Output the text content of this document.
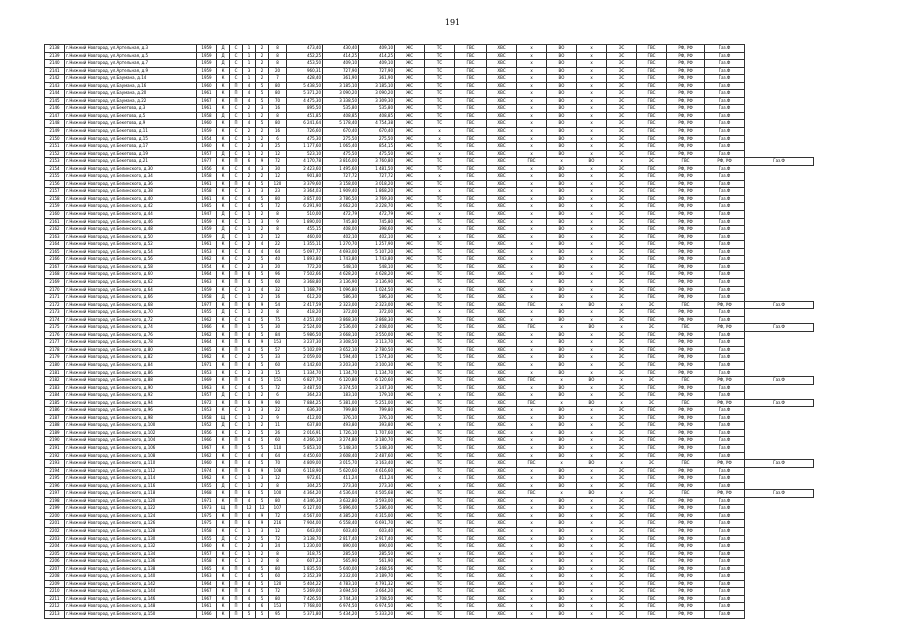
191
2138	г.Нижний Новгород, ул.Артельная, д.3	1959	Д	С	1	2	8	473,40	430,40	409,10	ЖС	ТС	ГВС	ХВС	х	ВО	х	ЭС	ГВС	РФ, УФ	Газ.Ф	
2139	г.Нижний Новгород, ул.Артельная, д.5	1959	Д	С	1	2	8	452,25	414,25	414,25	ЖС	ТС	ГВС	ХВС	х	ВО	х	ЭС	ГВС	РФ, УФ	Газ.Ф	
2140	г.Нижний Новгород, ул.Артельная, д.7	1959	Д	С	1	2	8	453,50	409,10	409,10	ЖС	ТС	ГВС	ХВС	х	ВО	х	ЭС	ГВС	РФ, УФ	Газ.Ф	
2141	г.Нижний Новгород, ул.Артельная, д.9	1959	К	С	3	2	20	960,31	727,90	727,90	ЖС	ТС	ГВС	ХВС	х	ВО	х	ЭС	ГВС	РФ, УФ	Газ.Ф	
2142	г.Нижний Новгород, ул.Баумана, д.14	1959	К	С	1	2	7	428,40	361,90	361,90	ЖС	ТС	ГВС	ХВС	х	ВО	х	ЭС	ГВС	РФ, УФ	Газ.Ф	
2143	г.Нижний Новгород, ул.Баумана, д.16	1960	К	П	4	5	80	5 438,50	3 185,10	3 185,10	ЖС	ТС	ГВС	ХВС	х	ВО	х	ЭС	ГВС	РФ, УФ	Газ.Ф	
2144	г.Нижний Новгород, ул.Баумана, д.20	1961	К	П	4	5	80	5 371,20	3 090,20	3 090,20	ЖС	ТС	ГВС	ХВС	х	ВО	х	ЭС	ГВС	РФ, УФ	Газ.Ф	
2145	г.Нижний Новгород, ул.Баумана, д.22	1967	К	П	4	5	70	4 475,30	3 338,50	3 309,30	ЖС	ТС	ГВС	ХВС	х	ВО	х	ЭС	ГВС	РФ, УФ	Газ.Ф	
2146	г.Нижний Новгород, ул.Бекетова, д.3	1961	К	С	2	3	16	895,50	535,80	535,80	ЖС	ТС	ГВС	ХВС	х	ВО	х	ЭС	ГВС	РФ, УФ	Газ.Ф	
2147	г.Нижний Новгород, ул.Бекетова, д.5	1958	Д	С	1	2	8	451,85	408,85	408,85	ЖС	ТС	ГВС	ХВС	х	ВО	х	ЭС	ГВС	РФ, УФ	Газ.Ф	
2148	г.Нижний Новгород, ул.Бекетова, д.9	1960	К	П	4	5	80	6 241,64	5 178,40	4 754,38	ЖС	ТС	ГВС	ХВС	х	ВО	х	ЭС	ГВС	РФ, УФ	Газ.Ф	
2149	г.Нижний Новгород, ул.Бекетова, д.11	1959	К	С	2	2	16	726,60	670,40	670,40	ЖС	х	ГВС	ХВС	х	ВО	х	ЭС	ГВС	РФ, УФ	Газ.Ф	
2150	г.Нижний Новгород, ул.Бекетова, д.15	1954	К	С	1	2	6	475,30	275,50	275,50	ЖС	х	ГВС	ХВС	х	ВО	х	ЭС	ГВС	РФ, УФ	Газ.Ф	
2151	г.Нижний Новгород, ул.Бекетова, д.17	1960	К	С	2	3	25	1 177,60	1 065,40	854,15	ЖС	ТС	ГВС	ХВС	х	ВО	х	ЭС	ГВС	РФ, УФ	Газ.Ф	
2152	г.Нижний Новгород, ул.Бекетова, д.19	1957	Д	С	1	2	12	523,10	475,50	475,50	ЖС	х	ГВС	ХВС	х	ВО	х	ЭС	ГВС	РФ, УФ	Газ.Ф	
2153	г.Нижний Новгород, ул.Бекетова, д.21	1977	К	П	6	9	72	4 170,78	3 816,00	3 760,80	ЖС	ТС	ГВС	ХВС	ГВС	х	ВО	х	ЭС	ГВС	РФ, УФ	Газ.Ф
2154	г.Нижний Новгород, ул.Белинского, д.30	1956	К	С	4	3	30	2 423,60	1 495,60	1 481,50	ЖС	ТС	ГВС	ХВС	х	ВО	х	ЭС	ГВС	РФ, УФ	Газ.Ф	
2155	г.Нижний Новгород, ул.Белинского, д.34	1958	К	С	2	2	12	901,80	727,72	727,72	ЖС	х	ГВС	ХВС	х	ВО	х	ЭС	ГВС	РФ, УФ	Газ.Ф	
2156	г.Нижний Новгород, ул.Белинского, д.36	1961	К	П	4	5	120	3 379,60	3 158,00	3 018,20	ЖС	ТС	ГВС	ХВС	х	ВО	х	ЭС	ГВС	РФ, УФ	Газ.Ф	
2157	г.Нижний Новгород, ул.Белинского, д.38	1958	К	С	3	3	23	3 364,03	1 909,40	1 868,20	ЖС	х	ГВС	ХВС	х	ВО	х	ЭС	ГВС	РФ, УФ	Газ.Ф	
2158	г.Нижний Новгород, ул.Белинского, д.40	1961	К	С	4	5	80	3 857,00	3 786,50	3 769,30	ЖС	ТС	ГВС	ХВС	х	ВО	х	ЭС	ГВС	РФ, УФ	Газ.Ф	
2159	г.Нижний Новгород, ул.Белинского, д.42	1965	К	С	4	5	72	6 291,90	3 662,20	3 228,70	ЖС	ТС	ГВС	ХВС	х	ВО	х	ЭС	ГВС	РФ, УФ	Газ.Ф	
2160	г.Нижний Новгород, ул.Белинского, д.44	1947	Д	С	1	2	8	510,00	472,79	472,79	ЖС	х	ГВС	ХВС	х	ВО	х	ЭС	ГВС	РФ, УФ	Газ.Ф	
2161	г.Нижний Новгород, ул.Белинского, д.46	1959	К	С	1	3	9	1 890,00	745,80	745,80	ЖС	ТС	ГВС	ХВС	х	ВО	х	ЭС	ГВС	РФ, УФ	Газ.Ф	
2162	г.Нижний Новгород, ул.Белинского, д.48	1959	Д	С	1	2	8	455,15	408,00	398,60	ЖС	х	ГВС	ХВС	х	ВО	х	ЭС	ГВС	РФ, УФ	Газ.Ф	
2163	г.Нижний Новгород, ул.Белинского, д.50	1959	Д	С	1	2	12	460,00	402,10	402,10	ЖС	х	ГВС	ХВС	х	ВО	х	ЭС	ГВС	РФ, УФ	Газ.Ф	
2164	г.Нижний Новгород, ул.Белинского, д.52	1961	К	С	2	4	22	1 355,11	1 270,70	1 257,90	ЖС	ТС	ГВС	ХВС	х	ВО	х	ЭС	ГВС	РФ, УФ	Газ.Ф	
2165	г.Нижний Новгород, ул.Белинского, д.54	1953	К	С	4	4	64	5 097,77	4 693,00	5 107,20	ЖС	ТС	ГВС	ХВС	х	ВО	х	ЭС	ГВС	РФ, УФ	Газ.Ф	
2166	г.Нижний Новгород, ул.Белинского, д.56	1962	К	С	2	5	40	1 893,80	1 743,80	1 743,80	ЖС	ТС	ГВС	ХВС	х	ВО	х	ЭС	ГВС	РФ, УФ	Газ.Ф	
2167	г.Нижний Новгород, ул.Белинского, д.58	1954	К	С	2	3	20	772,20	548,10	548,10	ЖС	ТС	ГВС	ХВС	х	ВО	х	ЭС	ГВС	РФ, УФ	Газ.Ф	
2168	г.Нижний Новгород, ул.Белинского, д.60	1964	К	П	6	5	96	7 502,66	4 628,20	4 628,20	ЖС	ТС	ГВС	ХВС	х	ВО	х	ЭС	ГВС	РФ, УФ	Газ.Ф	
2169	г.Нижний Новгород, ул.Белинского, д.62	1963	К	П	4	5	60	3 368,80	3 136,90	3 136,90	ЖС	ТС	ГВС	ХВС	х	ВО	х	ЭС	ГВС	РФ, УФ	Газ.Ф	
2170	г.Нижний Новгород, ул.Белинского, д.64	1959	К	С	3	4	32	1 168,79	1 096,80	1 024,50	ЖС	х	ГВС	ХВС	х	ВО	х	ЭС	ГВС	РФ, УФ	Газ.Ф	
2171	г.Нижний Новгород, ул.Белинского, д.66	1958	Д	С	1	2	16	612,20	586,30	586,30	ЖС	ТС	ГВС	ХВС	х	ВО	х	ЭС	ГВС	РФ, УФ	Газ.Ф	
2172	г.Нижний Новгород, ул.Белинского, д.68	1977	К	П	6	9	54	2 417,59	2 323,00	2 323,00	ЖС	ТС	ГВС	ХВС	ГВС	х	ВО	х	ЭС	ГВС	РФ, УФ	Газ.Ф
2173	г.Нижний Новгород, ул.Белинского, д.70	1955	Д	С	1	2	8	418,20	372,00	372,00	ЖС	х	ГВС	ХВС	х	ВО	х	ЭС	ГВС	РФ, УФ	Газ.Ф	
2174	г.Нижний Новгород, ул.Белинского, д.72	1962	К	С	4	5	75	4 251,00	3 868,30	3 868,30	ЖС	ТС	ГВС	ХВС	х	ВО	х	ЭС	ГВС	РФ, УФ	Газ.Ф	
2175	г.Нижний Новгород, ул.Белинского, д.74	1966	К	П	1	5	30	2 524,00	2 536,00	2 408,00	ЖС	ТС	ГВС	ХВС	ГВС	х	ВО	х	ЭС	ГВС	РФ, УФ	Газ.Ф
2176	г.Нижний Новгород, ул.Белинского, д.76	1962	К	П	4	5	84	5 986,50	3 668,10	3 550,00	ЖС	ТС	ГВС	ХВС	х	ВО	х	ЭС	ГВС	РФ, УФ	Газ.Ф	
2177	г.Нижний Новгород, ул.Белинского, д.78	1964	К	П	6	9	153	3 237,30	3 308,50	3 113,70	ЖС	ТС	ГВС	ХВС	х	ВО	х	ЭС	ГВС	РФ, УФ	Газ.Ф	
2178	г.Нижний Новгород, ул.Белинского, д.80	1965	К	П	4	5	57	5 102,09	3 652,10	2 780,50	ЖС	ТС	ГВС	ХВС	х	ВО	х	ЭС	ГВС	РФ, УФ	Газ.Ф	
2179	г.Нижний Новгород, ул.Белинского, д.82	1962	К	С	2	5	33	2 059,00	1 594,40	1 574,30	ЖС	ТС	ГВС	ХВС	х	ВО	х	ЭС	ГВС	РФ, УФ	Газ.Ф	
2180	г.Нижний Новгород, ул.Белинского, д.84	1971	К	П	4	5	60	4 142,60	3 203,30	3 100,30	ЖС	ТС	ГВС	ХВС	х	ВО	х	ЭС	ГВС	РФ, УФ	Газ.Ф	
2181	г.Нижний Новгород, ул.Белинского, д.86	1953	К	С	2	3	15	1 334,70	1 134,70	1 134,70	ЖС	ТС	ГВС	ХВС	х	ВО	х	ЭС	ГВС	РФ, УФ	Газ.Ф	
2182	г.Нижний Новгород, ул.Белинского, д.88	1969	К	П	4	5	151	6 827,70	6 120,80	6 120,60	ЖС	ТС	ГВС	ХВС	ГВС	х	ВО	х	ЭС	ГВС	РФ, УФ	Газ.Ф
2183	г.Нижний Новгород, ул.Белинского, д.90	1963	К	С	4	5	72	3 487,50	3 374,50	3 147,30	ЖС	ТС	ГВС	ХВС	х	ВО	х	ЭС	ГВС	РФ, УФ	Газ.Ф	
2184	г.Нижний Новгород, ул.Белинского, д.92	1957	Д	С	1	2	6	364,23	183,10	179,10	ЖС	х	ГВС	ХВС	х	ВО	х	ЭС	ГВС	РФ, УФ	Газ.Ф	
2185	г.Нижний Новгород, ул.Белинского, д.94	1972	К	П	6	9	90	7 884,25	5 381,00	5 251,00	ЖС	ТС	ГВС	ХВС	ГВС	х	ВО	х	ЭС	ГВС	РФ, УФ	Газ.Ф
2186	г.Нижний Новгород, ул.Белинского, д.96	1953	К	С	3	3	22	636,30	799,80	799,80	ЖС	ТС	ГВС	ХВС	х	ВО	х	ЭС	ГВС	РФ, УФ	Газ.Ф	
2187	г.Нижний Новгород, ул.Белинского, д.98	1958	Щ	С	1	2	9	412,00	376,10	376,10	ЖС	ТС	ГВС	ХВС	х	ВО	х	ЭС	ГВС	РФ, УФ	Газ.Ф	
2188	г.Нижний Новгород, ул.Белинского, д.100	1952	Д	С	1	2	11	637,80	493,80	393,80	ЖС	х	ГВС	ХВС	х	ВО	х	ЭС	ГВС	РФ, УФ	Газ.Ф	
2189	г.Нижний Новгород, ул.Белинского, д.102	1956	К	С	2	5	26	2 016,91	1 726,10	1 707,60	ЖС	ТС	ГВС	ХВС	х	ВО	х	ЭС	ГВС	РФ, УФ	Газ.Ф	
2190	г.Нижний Новгород, ул.Белинского, д.104	1966	К	П	4	5	60	4 266,10	3 274,80	3 180,70	ЖС	ТС	ГВС	ХВС	х	ВО	х	ЭС	ГВС	РФ, УФ	Газ.Ф	
2191	г.Нижний Новгород, ул.Белинского, д.106	1967	К	П	5	5	110	5 853,10	5 148,30	5 148,30	ЖС	ТС	ГВС	ХВС	х	ВО	х	ЭС	ГВС	РФ, УФ	Газ.Ф	
2192	г.Нижний Новгород, ул.Белинского, д.108	1962	К	С	4	4	64	4 450,60	3 608,40	2 487,60	ЖС	ТС	ГВС	ХВС	х	ВО	х	ЭС	ГВС	РФ, УФ	Газ.Ф	
2193	г.Нижний Новгород, ул.Белинского, д.110	1960	К	П	4	5	70	4 809,00	3 015,70	3 163,40	ЖС	ТС	ГВС	ХВС	ГВС	х	ВО	х	ЭС	ГВС	РФ, УФ	Газ.Ф
2194	г.Нижний Новгород, ул.Белинского, д.112	1974	К	П	6	9	108	6 118,90	5 620,60	4 616,60	ЖС	ТС	ГВС	ХВС	х	ВО	х	ЭС	ГВС	РФ, УФ	Газ.Ф	
2195	г.Нижний Новгород, ул.Белинского, д.114	1962	К	С	1	3	12	972,61	411,24	411,24	ЖС	х	ГВС	ХВС	х	ВО	х	ЭС	ГВС	РФ, УФ	Газ.Ф	
2196	г.Нижний Новгород, ул.Белинского, д.116	1955	Д	С	1	2	8	304,25	273,30	273,30	ЖС	х	ГВС	ХВС	х	ВО	х	ЭС	ГВС	РФ, УФ	Газ.Ф	
2197	г.Нижний Новгород, ул.Белинского, д.118	1968	К	П	6	5	100	4 364,20	4 536,04	4 505,68	ЖС	ТС	ГВС	ХВС	ГВС	х	ВО	х	ЭС	ГВС	РФ, УФ	Газ.Ф
2198	г.Нижний Новгород, ул.Белинского, д.120	1971	К	П	4	5	80	4 346,30	3 632,80	3 593,00	ЖС	ТС	ГВС	ХВС	х	ВО	х	ЭС	ГВС	РФ, УФ	Газ.Ф	
2199	г.Нижний Новгород, ул.Белинского, д.122	1973	Щ	П	12	12	107	6 127,00	5 896,00	5 286,00	ЖС	ТС	ГВС	ХВС	х	ВО	х	ЭС	ГВС	РФ, УФ	Газ.Ф	
2200	г.Нижний Новгород, ул.Белинского, д.124	1975	К	П	4	9	72	4 567,00	4 385,20	4 315,00	ЖС	ТС	ГВС	ХВС	х	ВО	х	ЭС	ГВС	РФ, УФ	Газ.Ф	
2201	г.Нижний Новгород, ул.Белинского, д.126	1975	К	П	6	9	216	7 904,00	6 558,40	6 691,70	ЖС	ТС	ГВС	ХВС	х	ВО	х	ЭС	ГВС	РФ, УФ	Газ.Ф	
2202	г.Нижний Новгород, ул.Белинского, д.128	1958	К	С	1	3	12	643,00	603,40	603,40	ЖС	ТС	ГВС	ХВС	х	ВО	х	ЭС	ГВС	РФ, УФ	Газ.Ф	
2203	г.Нижний Новгород, ул.Белинского, д.130	1955	Д	С	2	5	72	3 138,70	2 817,40	2 917,40	ЖС	ТС	ГВС	ХВС	х	ВО	х	ЭС	ГВС	РФ, УФ	Газ.Ф	
2204	г.Нижний Новгород, ул.Белинского, д.132	1960	К	С	2	3	24	1 230,00	890,00	890,00	ЖС	ТС	ГВС	ХВС	х	ВО	х	ЭС	ГВС	РФ, УФ	Газ.Ф	
2205	г.Нижний Новгород, ул.Белинского, д.134	1957	К	С	1	2	8	318,75	285,50	285,50	ЖС	х	ГВС	ХВС	х	ВО	х	ЭС	ГВС	РФ, УФ	Газ.Ф	
2206	г.Нижний Новгород, ул.Белинского, д.136	1958	К	С	1	2	8	607,23	565,90	561,90	ЖС	ТС	ГВС	ХВС	х	ВО	х	ЭС	ГВС	РФ, УФ	Газ.Ф	
2207	г.Нижний Новгород, ул.Белинского, д.138	1965	К	П	4	5	80	1 835,50	5 640,00	3 468,56	ЖС	ТС	ГВС	ХВС	х	ВО	х	ЭС	ГВС	РФ, УФ	Газ.Ф	
2208	г.Нижний Новгород, ул.Белинского, д.140	1963	К	С	4	5	60	2 352,39	3 232,00	3 189,70	ЖС	ТС	ГВС	ХВС	х	ВО	х	ЭС	ГВС	РФ, УФ	Газ.Ф	
2209	г.Нижний Новгород, ул.Белинского, д.142	1964	К	П	4	5	120	5 404,22	4 783,10	4 791,32	ЖС	ТС	ГВС	ХВС	х	ВО	х	ЭС	ГВС	РФ, УФ	Газ.Ф	
2210	г.Нижний Новгород, ул.Белинского, д.144	1967	К	П	4	5	72	5 269,00	3 694,50	3 664,20	ЖС	ТС	ГВС	ХВС	х	ВО	х	ЭС	ГВС	РФ, УФ	Газ.Ф	
2211	г.Нижний Новгород, ул.Белинского, д.146	1967	К	П	4	5	80	7 426,50	3 744,30	3 708,50	ЖС	ТС	ГВС	ХВС	х	ВО	х	ЭС	ГВС	РФ, УФ	Газ.Ф	
2212	г.Нижний Новгород, ул.Белинского, д.148	1961	К	П	4	6	153	7 768,00	6 974,50	6 974,50	ЖС	ТС	ГВС	ХВС	х	ВО	х	ЭС	ГВС	РФ, УФ	Газ.Ф	
2213	г.Нижний Новгород, ул.Белинского, д.150	1966	К	П	5	5	95	5 371,80	5 434,20	5 333,20	ЖС	ТС	ГВС	ХВС	х	ВО	х	ЭС	ГВС	РФ, УФ	Газ.Ф	
